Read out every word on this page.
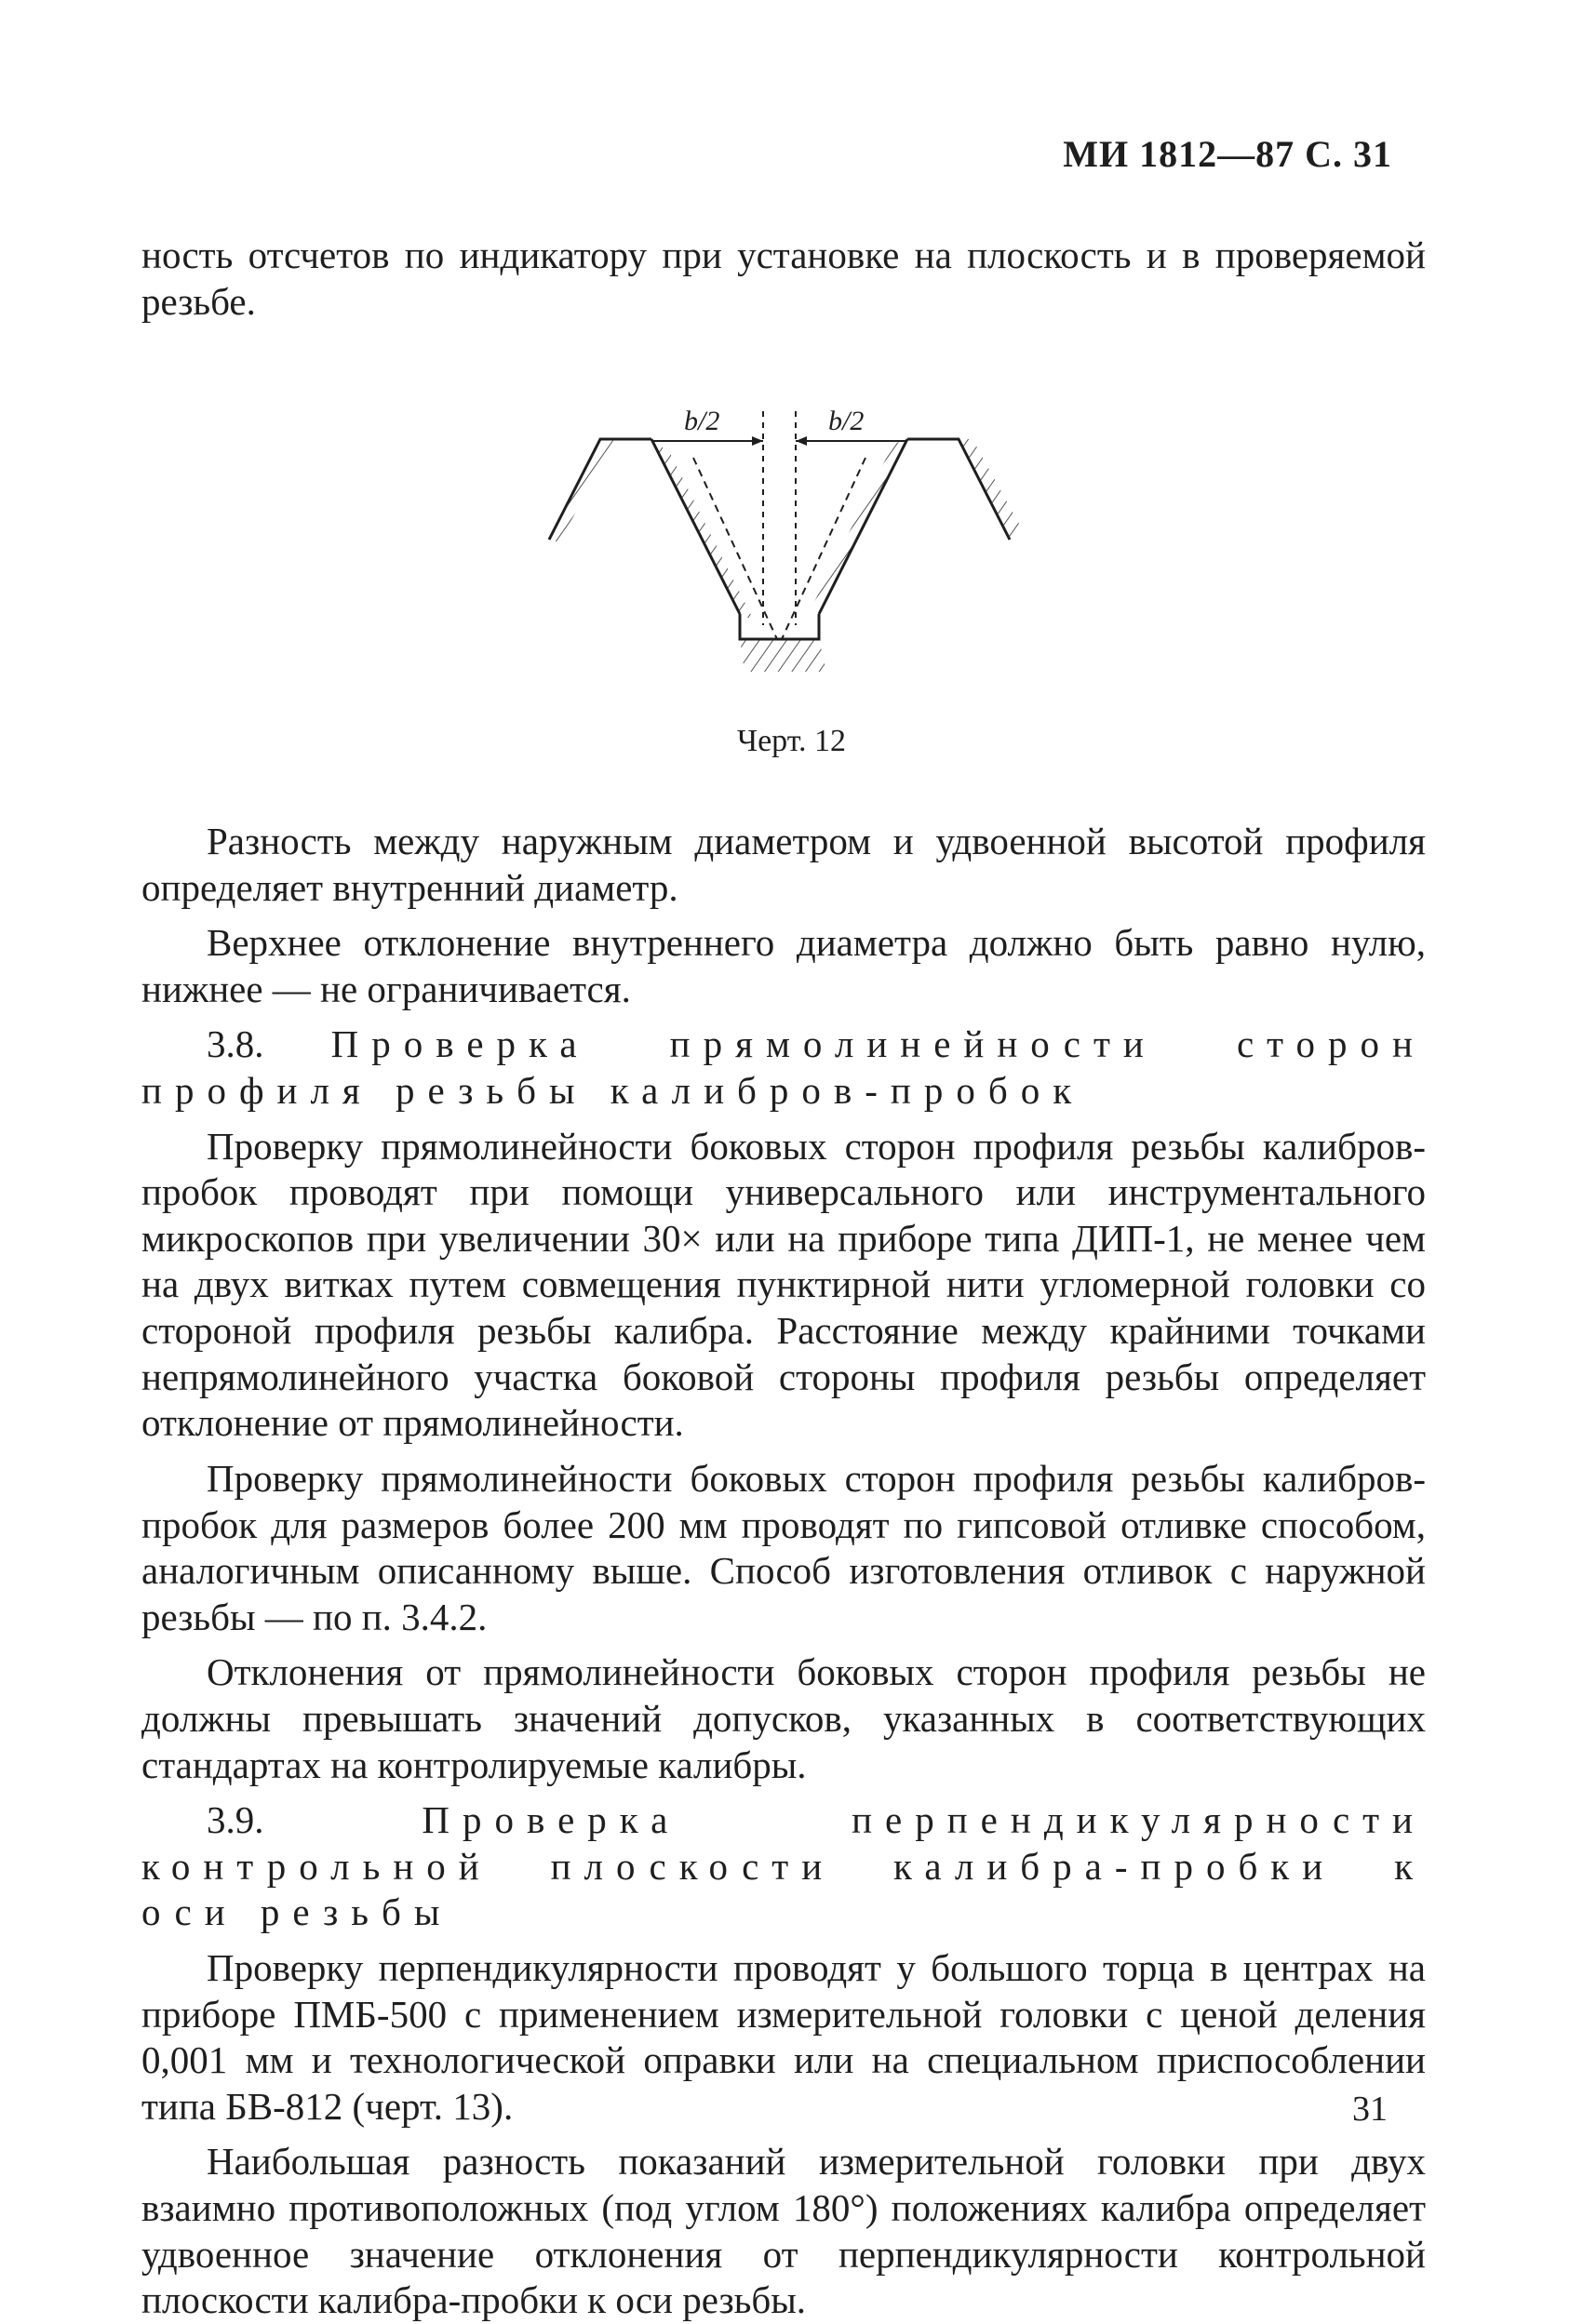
МИ 1812—87 С. 31

ность отсчетов по индикатору при установке на плоскость и в проверяемой резьбе.

b/2	b/2
Черт. 12

Разность между наружным диаметром и удвоенной высотой профиля определяет внутренний диаметр.

Верхнее отклонение внутреннего диаметра должно быть равно нулю, нижнее — не ограничивается.

3.8. Проверка прямолинейности сторон профиля резьбы калибров-пробок

Проверку прямолинейности боковых сторон профиля резьбы калибров-пробок проводят при помощи универсального или инструментального микроскопов при увеличении 30× или на приборе типа ДИП-1, не менее чем на двух витках путем совмещения пунктирной нити угломерной головки со стороной профиля резьбы калибра. Расстояние между крайними точками непрямолинейного участка боковой стороны профиля резьбы определяет отклонение от прямолинейности.

Проверку прямолинейности боковых сторон профиля резьбы калибров-пробок для размеров более 200 мм проводят по гипсовой отливке способом, аналогичным описанному выше. Способ изготовления отливок с наружной резьбы — по п. 3.4.2.

Отклонения от прямолинейности боковых сторон профиля резьбы не должны превышать значений допусков, указанных в соответствующих стандартах на контролируемые калибры.

3.9.	Проверка перпендикулярности контрольной плоскости калибра-пробки к оси резьбы

Проверку перпендикулярности проводят у большого торца в центрах на приборе ПМБ-500 с применением измерительной головки с ценой деления 0,001 мм и технологической оправки или на специальном приспособлении типа БВ-812 (черт. 13).

Наибольшая разность показаний измерительной головки при двух взаимно противоположных (под углом 180°) положениях калибра определяет удвоенное значение отклонения от перпендикулярности контрольной плоскости калибра-пробки к оси резьбы.

31
